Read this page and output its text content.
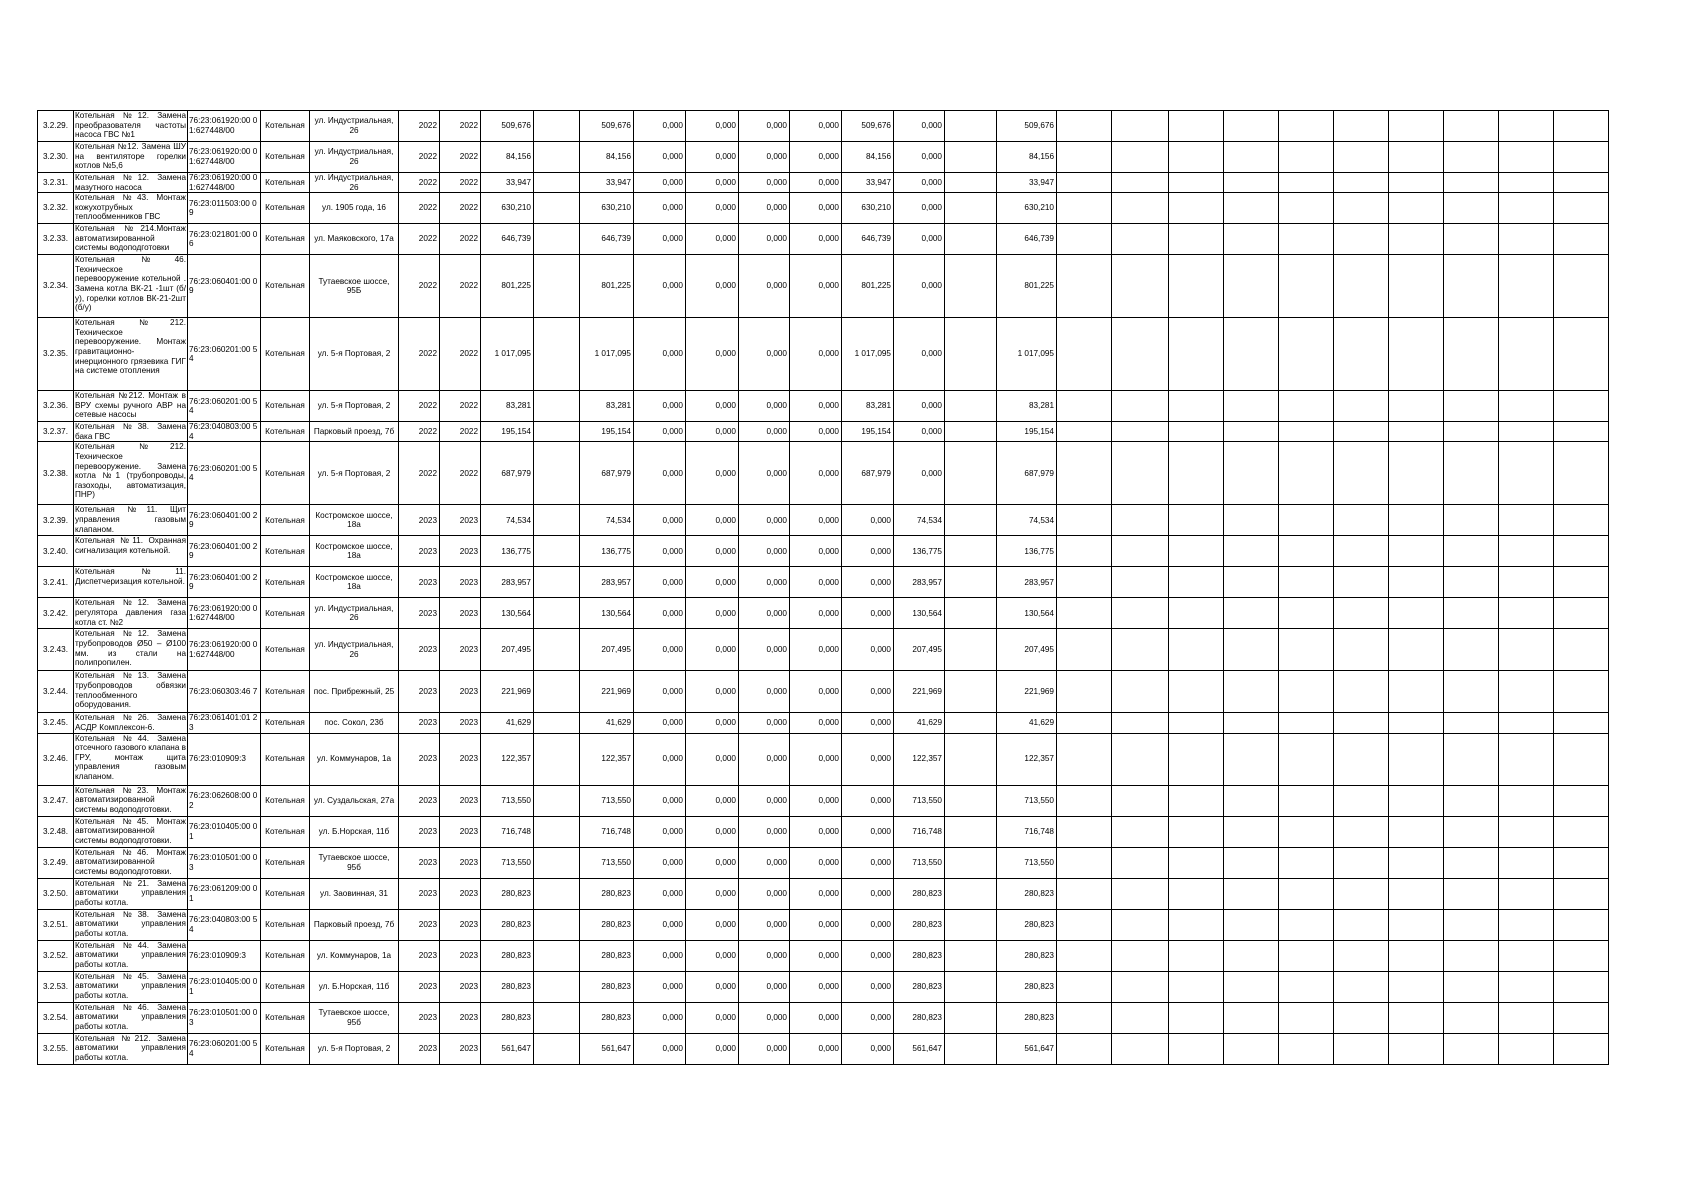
3.2.29.	Котельная №12. Замена преобразователя частоты насоса ГВС №1	76:23:061920:00 01:627448/00	Котельная	ул. Индустриальная, 26	2022	2022	509,676		509,676	0,000	0,000	0,000	0,000	509,676	0,000		509,676										
3.2.30.	Котельная №12. Замена ШУ на вентиляторе горелки котлов №5,6	76:23:061920:00 01:627448/00	Котельная	ул. Индустриальная, 26	2022	2022	84,156		84,156	0,000	0,000	0,000	0,000	84,156	0,000		84,156										
3.2.31.	Котельная №12. Замена мазутного насоса	76:23:061920:00 01:627448/00	Котельная	ул. Индустриальная, 26	2022	2022	33,947		33,947	0,000	0,000	0,000	0,000	33,947	0,000		33,947										
3.2.32.	Котельная №43. Монтаж кожухотрубных теплообменников ГВС	76:23:011503:00 09	Котельная	ул. 1905 года, 16	2022	2022	630,210		630,210	0,000	0,000	0,000	0,000	630,210	0,000		630,210										
3.2.33.	Котельная №214.Монтаж автоматизированной системы водоподготовки	76:23:021801:00 06	Котельная	ул. Маяковского, 17а	2022	2022	646,739		646,739	0,000	0,000	0,000	0,000	646,739	0,000		646,739										
3.2.34.	Котельная №46. Техническое перевооружение котельной . Замена котла ВК-21 -1шт (б/у), горелки котлов ВК-21-2шт (б/у)	76:23:060401:00 09	Котельная	Тутаевское шоссе, 95Б	2022	2022	801,225		801,225	0,000	0,000	0,000	0,000	801,225	0,000		801,225										
3.2.35.	Котельная №212. Техническое перевооружение. Монтаж гравитационно-инерционного грязевика ГИГ на системе отопления	76:23:060201:00 54	Котельная	ул. 5-я Портовая, 2	2022	2022	1 017,095		1 017,095	0,000	0,000	0,000	0,000	1 017,095	0,000		1 017,095										
3.2.36.	Котельная №212. Монтаж в ВРУ схемы ручного АВР на сетевые насосы	76:23:060201:00 54	Котельная	ул. 5-я Портовая, 2	2022	2022	83,281		83,281	0,000	0,000	0,000	0,000	83,281	0,000		83,281										
3.2.37.	Котельная №38. Замена бака ГВС	76:23:040803:00 54	Котельная	Парковый проезд, 7б	2022	2022	195,154		195,154	0,000	0,000	0,000	0,000	195,154	0,000		195,154										
3.2.38.	Котельная №212. Техническое перевооружение. Замена котла №1 (трубопроводы, газоходы, автоматизация, ПНР)	76:23:060201:00 54	Котельная	ул. 5-я Портовая, 2	2022	2022	687,979		687,979	0,000	0,000	0,000	0,000	687,979	0,000		687,979										
3.2.39.	Котельная №11. Щит управления газовым клапаном.	76:23:060401:00 29	Котельная	Костромское шоссе, 18а	2023	2023	74,534		74,534	0,000	0,000	0,000	0,000	0,000	74,534		74,534										
3.2.40.	Котельная №11. Охранная сигнализация котельной.	76:23:060401:00 29	Котельная	Костромское шоссе, 18а	2023	2023	136,775		136,775	0,000	0,000	0,000	0,000	0,000	136,775		136,775										
3.2.41.	Котельная №11. Диспетчеризация котельной.	76:23:060401:00 29	Котельная	Костромское шоссе, 18а	2023	2023	283,957		283,957	0,000	0,000	0,000	0,000	0,000	283,957		283,957										
3.2.42.	Котельная №12. Замена регулятора давления газа котла ст. №2	76:23:061920:00 01:627448/00	Котельная	ул. Индустриальная, 26	2023	2023	130,564		130,564	0,000	0,000	0,000	0,000	0,000	130,564		130,564										
3.2.43.	Котельная №12. Замена трубопроводов Ø50 – Ø100 мм. из стали на полипропилен.	76:23:061920:00 01:627448/00	Котельная	ул. Индустриальная, 26	2023	2023	207,495		207,495	0,000	0,000	0,000	0,000	0,000	207,495		207,495										
3.2.44.	Котельная №13. Замена трубопроводов обвязки теплообменного оборудования.	76:23:060303:46 7	Котельная	пос. Прибрежный, 25	2023	2023	221,969		221,969	0,000	0,000	0,000	0,000	0,000	221,969		221,969										
3.2.45.	Котельная №26. Замена АСДР Комплексон-6.	76:23:061401:01 23	Котельная	пос. Сокол, 23б	2023	2023	41,629		41,629	0,000	0,000	0,000	0,000	0,000	41,629		41,629										
3.2.46.	Котельная №44. Замена отсечного газового клапана в ГРУ, монтаж щита управления газовым клапаном.	76:23:010909:3	Котельная	ул. Коммунаров, 1а	2023	2023	122,357		122,357	0,000	0,000	0,000	0,000	0,000	122,357		122,357										
3.2.47.	Котельная №23. Монтаж автоматизированной системы водоподготовки.	76:23:062608:00 02	Котельная	ул. Суздальская, 27а	2023	2023	713,550		713,550	0,000	0,000	0,000	0,000	0,000	713,550		713,550										
3.2.48.	Котельная №45. Монтаж автоматизированной системы водоподготовки.	76:23:010405:00 01	Котельная	ул. Б.Норская, 11б	2023	2023	716,748		716,748	0,000	0,000	0,000	0,000	0,000	716,748		716,748										
3.2.49.	Котельная №46. Монтаж автоматизированной системы водоподготовки.	76:23:010501:00 03	Котельная	Тутаевское шоссе, 95б	2023	2023	713,550		713,550	0,000	0,000	0,000	0,000	0,000	713,550		713,550										
3.2.50.	Котельная №21. Замена автоматики управления работы котла.	76:23:061209:00 01	Котельная	ул. Заовинная, 31	2023	2023	280,823		280,823	0,000	0,000	0,000	0,000	0,000	280,823		280,823										
3.2.51.	Котельная №38. Замена автоматики управления работы котла.	76:23:040803:00 54	Котельная	Парковый проезд, 7б	2023	2023	280,823		280,823	0,000	0,000	0,000	0,000	0,000	280,823		280,823										
3.2.52.	Котельная №44. Замена автоматики управления работы котла.	76:23:010909:3	Котельная	ул. Коммунаров, 1а	2023	2023	280,823		280,823	0,000	0,000	0,000	0,000	0,000	280,823		280,823										
3.2.53.	Котельная №45. Замена автоматики управления работы котла.	76:23:010405:00 01	Котельная	ул. Б.Норская, 11б	2023	2023	280,823		280,823	0,000	0,000	0,000	0,000	0,000	280,823		280,823										
3.2.54.	Котельная №46. Замена автоматики управления работы котла.	76:23:010501:00 03	Котельная	Тутаевское шоссе, 95б	2023	2023	280,823		280,823	0,000	0,000	0,000	0,000	0,000	280,823		280,823										
3.2.55.	Котельная №212. Замена автоматики управления работы котла.	76:23:060201:00 54	Котельная	ул. 5-я Портовая, 2	2023	2023	561,647		561,647	0,000	0,000	0,000	0,000	0,000	561,647		561,647										
